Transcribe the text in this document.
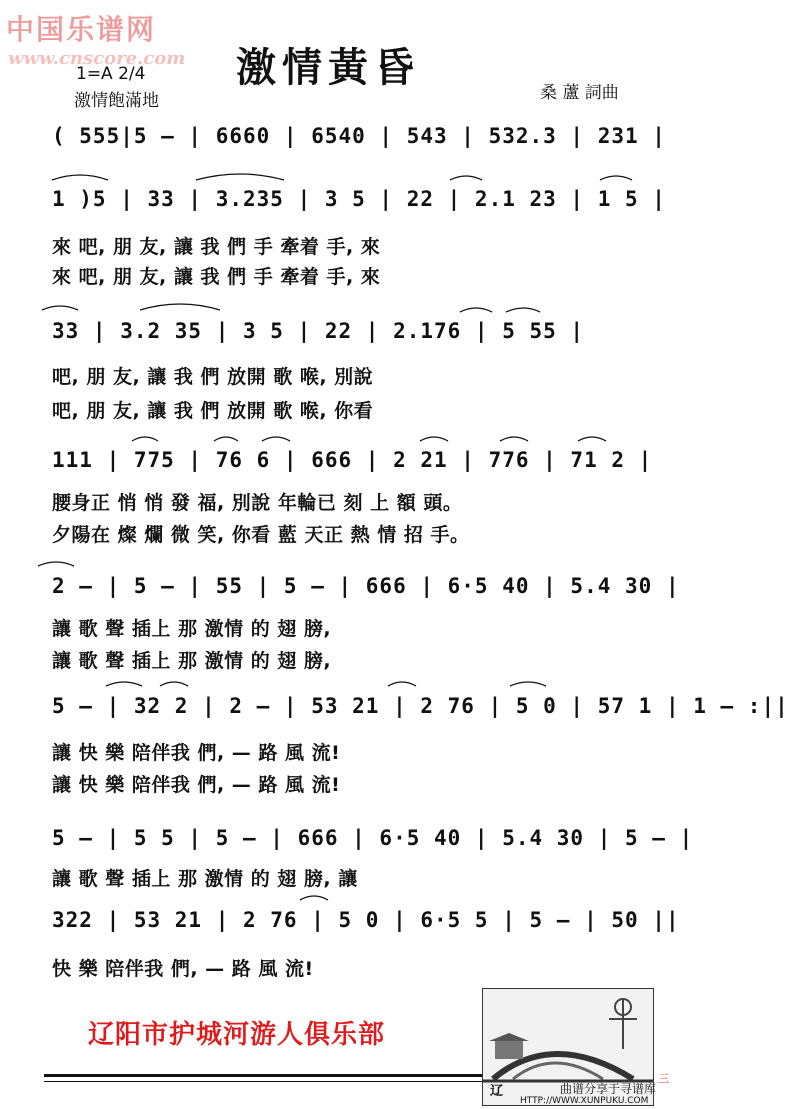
中国乐谱网
www.cnscore.com 激情黃昏
1=A 2/4
激情飽滿地	桑 蘆 詞曲
( 555|5 – | 6660 | 6540 | 543 | 532.3 | 231 |
1 )5 | 33 | 3.235 | 3 5 | 22 | 2.1 23 | 1 5 |
來 吧, 朋 友, 讓 我 們 手 牽着 手, 來
來 吧, 朋 友, 讓 我 們 手 牽着 手, 來
33 | 3.2 35 | 3 5 | 22 | 2.176 | 5 55 |
吧, 朋 友, 讓 我 們 放開 歌 喉, 別說
吧, 朋 友, 讓 我 們 放開 歌 喉, 你看
111 | 775 | 76 6 | 666 | 2 21 | 776 | 71 2 |
腰身正 悄 悄 發 福, 別說 年輪已 刻 上 額 頭。
夕陽在 燦 爛 微 笑, 你看 藍 天正 熱 情 招 手。
2 – | 5 – | 55 | 5 – | 666 | 6·5 40 | 5.4 30 |
讓 歌 聲 插上 那 激情 的 翅 膀,
讓 歌 聲 插上 那 激情 的 翅 膀,
5 – | 32 2 | 2 – | 53 21 | 2 76 | 5 0 | 57 1 | 1 – :||
讓 快 樂 陪伴我 們, — 路 風 流!
讓 快 樂 陪伴我 們, — 路 風 流!
5 – | 5 5 | 5 – | 666 | 6·5 40 | 5.4 30 | 5 – |
讓 歌 聲 插上 那 激情 的 翅 膀, 讓
322 | 53 21 | 2 76 | 5 0 | 6·5 5 | 5 – | 50 ||
快 樂 陪伴我 們, — 路 風 流!
辽阳市护城河游人俱乐部
辽	曲谱分享于寻谱库
HTTP://WWW.XUNPUKU.COM
三
